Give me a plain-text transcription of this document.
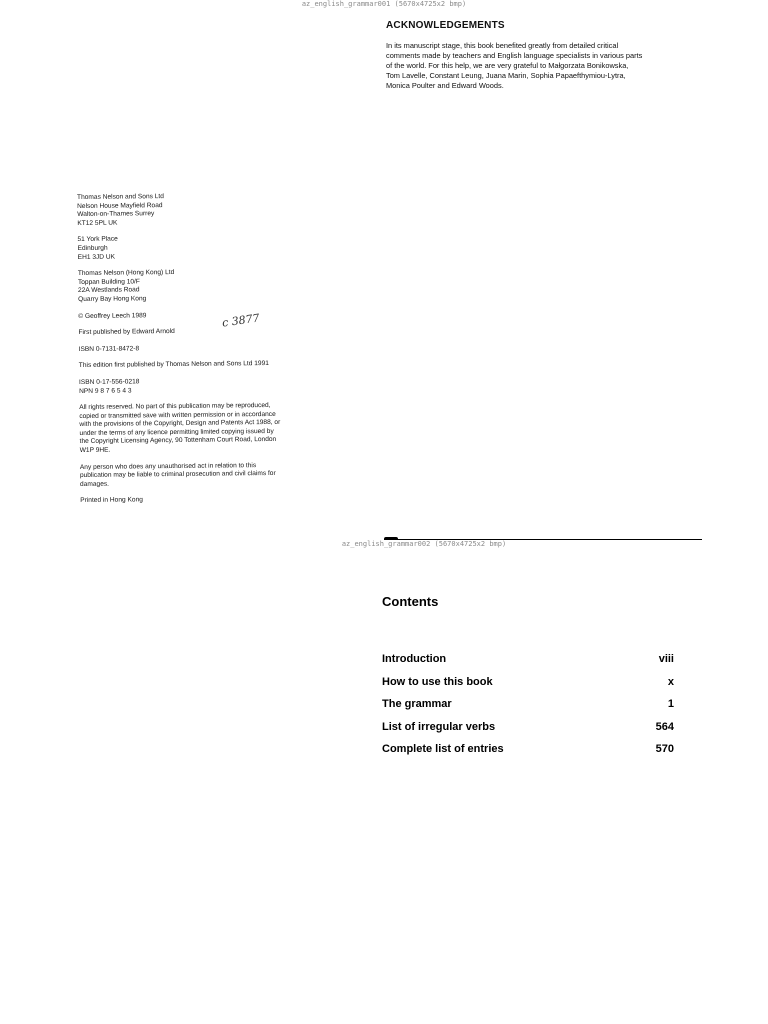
az_english_grammar001 (5670x4725x2 bmp)
ACKNOWLEDGEMENTS

In its manuscript stage, this book benefited greatly from detailed critical

comments made by teachers and English language specialists in various parts

of the world. For this help, we are very grateful to Małgorzata Bonikowska,

Tom Lavelle, Constant Leung, Juana Marin, Sophia Papaefthymiou-Lytra,

Monica Poulter and Edward Woods.

Thomas Nelson and Sons Ltd
Nelson House Mayfield Road
Walton-on-Thames Surrey
KT12 5PL UK
51 York Place
Edinburgh
EH1 3JD UK
Thomas Nelson (Hong Kong) Ltd
Toppan Building 10/F
22A Westlands Road
Quarry Bay Hong Kong
© Geoffrey Leech 1989
First published by Edward Arnold
ISBN 0-7131-8472-8
This edition first published by Thomas Nelson and Sons Ltd 1991
ISBN 0-17-556-0218
NPN 9 8 7 6 5 4 3
All rights reserved. No part of this publication may be reproduced,
copied or transmitted save with written permission or in accordance
with the provisions of the Copyright, Design and Patents Act 1988, or
under the terms of any licence permitting limited copying issued by
the Copyright Licensing Agency, 90 Tottenham Court Road, London
W1P 9HE.
Any person who does any unauthorised act in relation to this
publication may be liable to criminal prosecution and civil claims for
damages.
Printed in Hong Kong
c 3877
az_english_grammar002 (5670x4725x2 bmp)
Contents
Introduction	viii
How to use this book	x
The grammar	1
List of irregular verbs	564
Complete list of entries	570
